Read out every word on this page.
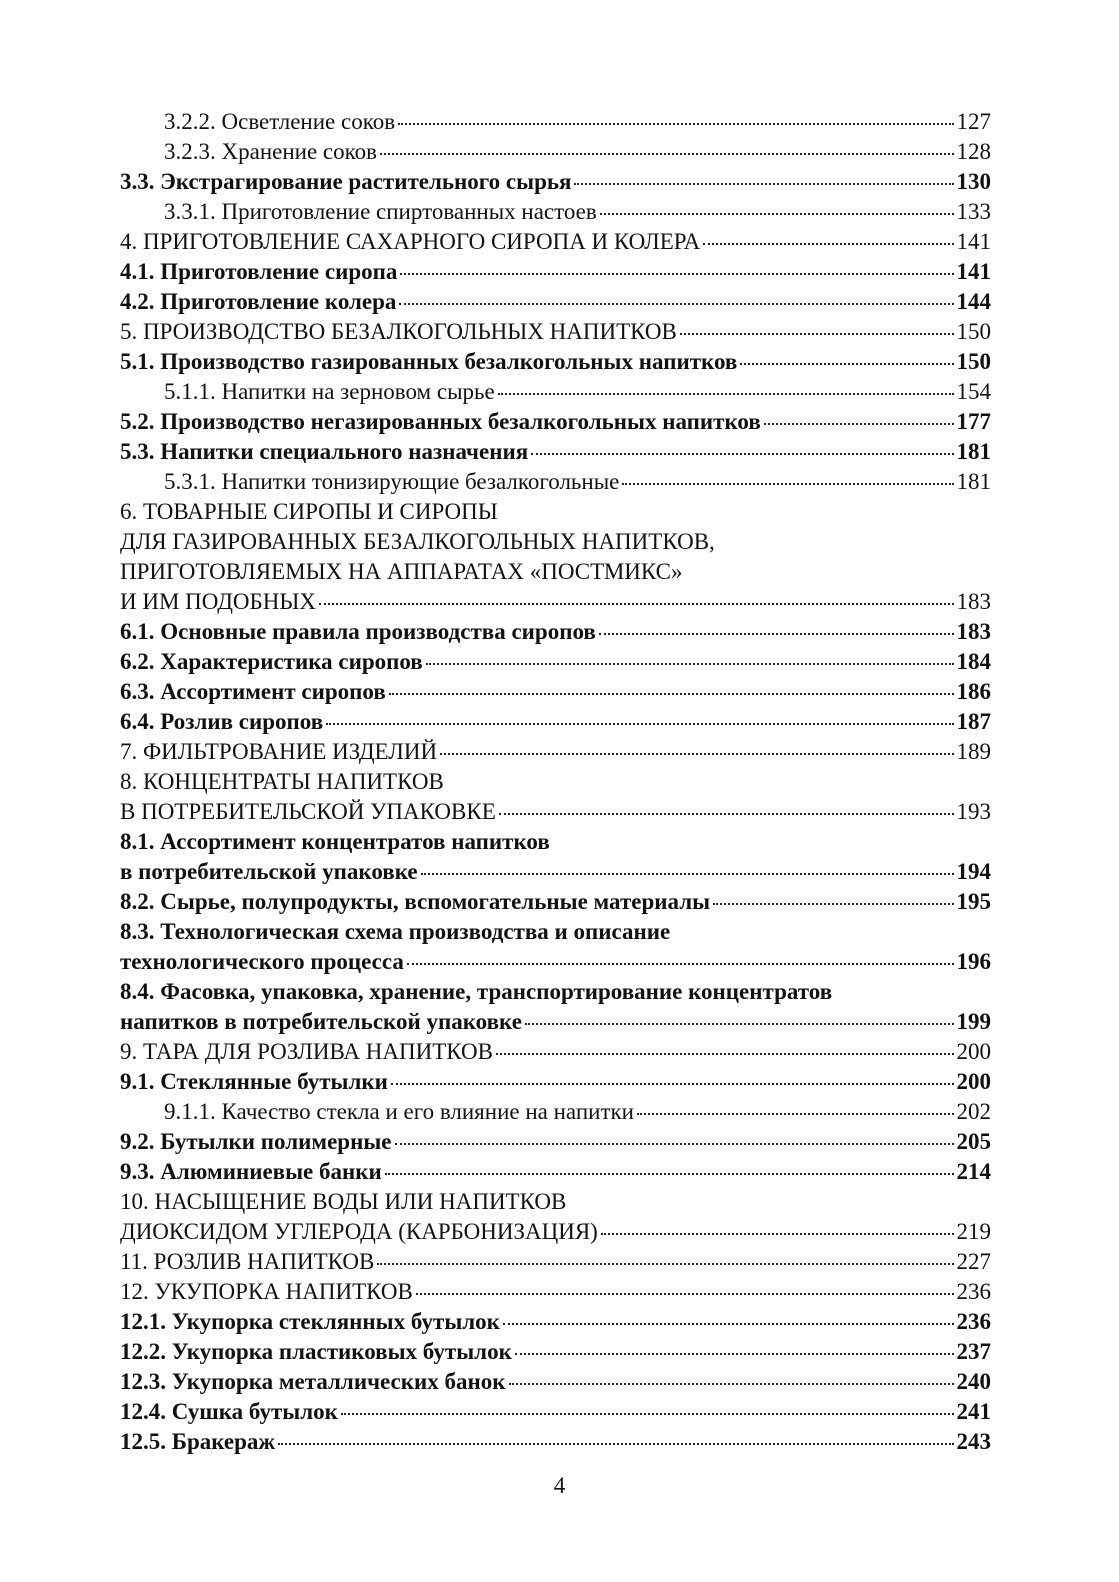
3.2.2. Осветление соков	127
3.2.3. Хранение соков	128
3.3. Экстрагирование растительного сырья	130
3.3.1. Приготовление спиртованных настоев	133
4. ПРИГОТОВЛЕНИЕ САХАРНОГО СИРОПА И КОЛЕРА	141
4.1. Приготовление сиропа	141
4.2. Приготовление колера	144
5. ПРОИЗВОДСТВО БЕЗАЛКОГОЛЬНЫХ НАПИТКОВ	150
5.1. Производство газированных безалкогольных напитков	150
5.1.1. Напитки на зерновом сырье	154
5.2. Производство негазированных безалкогольных напитков	177
5.3. Напитки специального назначения	181
5.3.1. Напитки тонизирующие безалкогольные	181
6. ТОВАРНЫЕ СИРОПЫ И СИРОПЫ
ДЛЯ ГАЗИРОВАННЫХ БЕЗАЛКОГОЛЬНЫХ НАПИТКОВ,
ПРИГОТОВЛЯЕМЫХ НА АППАРАТАХ «ПОСТМИКС»
И ИМ ПОДОБНЫХ	183
6.1. Основные правила производства сиропов	183
6.2. Характеристика сиропов	184
6.3. Ассортимент сиропов	186
6.4. Розлив сиропов	187
7. ФИЛЬТРОВАНИЕ ИЗДЕЛИЙ	189
8. КОНЦЕНТРАТЫ НАПИТКОВ
В ПОТРЕБИТЕЛЬСКОЙ УПАКОВКЕ	193
8.1. Ассортимент концентратов напитков
в потребительской упаковке	194
8.2. Сырье, полупродукты, вспомогательные материалы	195
8.3. Технологическая схема производства и описание
технологического процесса	196
8.4. Фасовка, упаковка, хранение, транспортирование концентратов
напитков в потребительской упаковке	199
9. ТАРА ДЛЯ РОЗЛИВА НАПИТКОВ	200
9.1. Стеклянные бутылки	200
9.1.1. Качество стекла и его влияние на напитки	202
9.2. Бутылки полимерные	205
9.3. Алюминиевые банки	214
10. НАСЫЩЕНИЕ ВОДЫ ИЛИ НАПИТКОВ
ДИОКСИДОМ УГЛЕРОДА (КАРБОНИЗАЦИЯ)	219
11. РОЗЛИВ НАПИТКОВ	227
12. УКУПОРКА НАПИТКОВ	236
12.1. Укупорка стеклянных бутылок	236
12.2. Укупорка пластиковых бутылок	237
12.3. Укупорка металлических банок	240
12.4. Сушка бутылок	241
12.5. Бракераж	243
4
